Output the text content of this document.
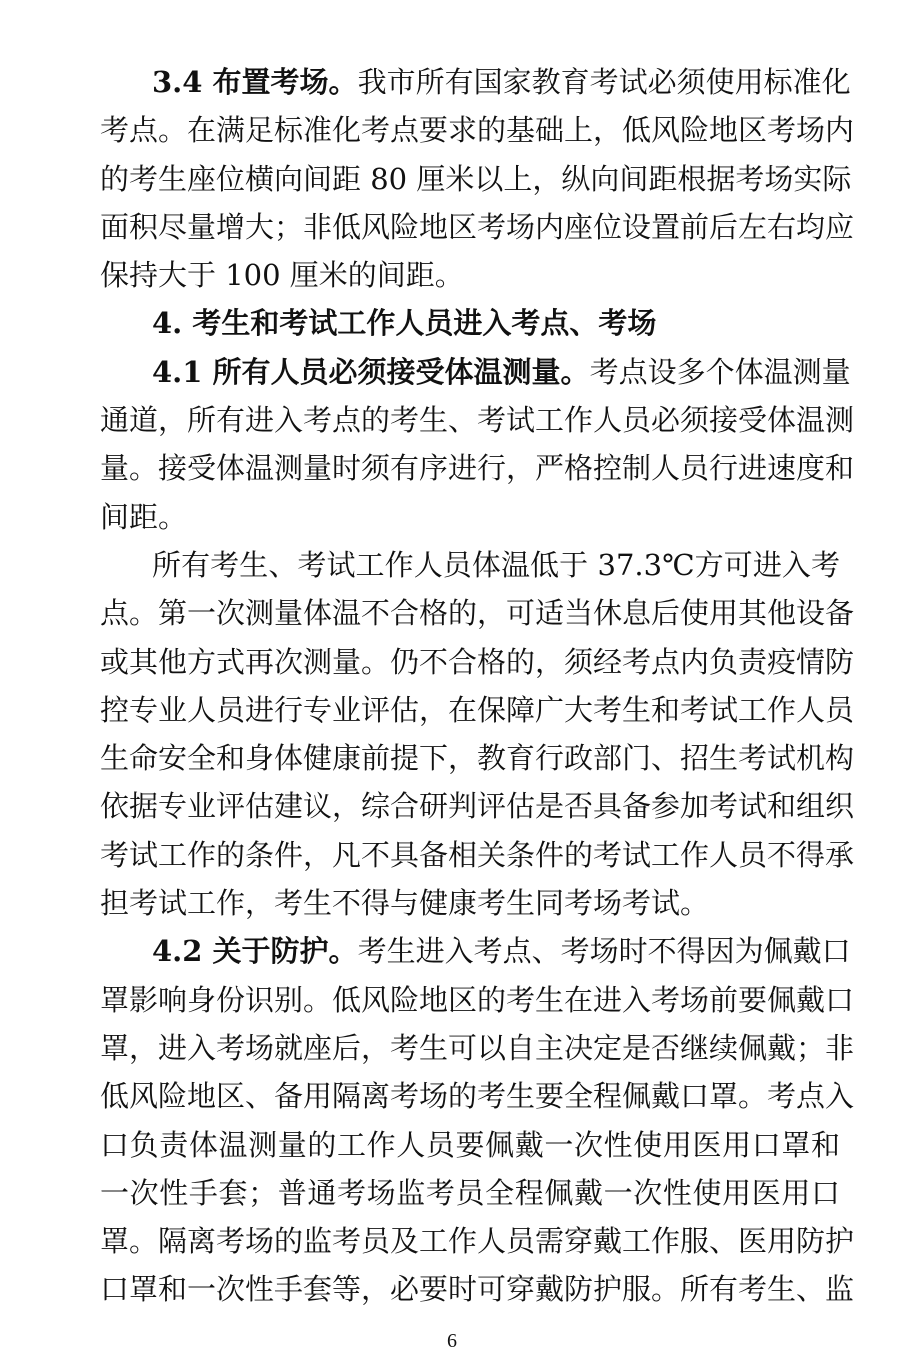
3.4 布置考场。我市所有国家教育考试必须使用标准化
考点。在满足标准化考点要求的基础上，低风险地区考场内
的考生座位横向间距 80 厘米以上，纵向间距根据考场实际
面积尽量增大；非低风险地区考场内座位设置前后左右均应
保持大于 100 厘米的间距。
4. 考生和考试工作人员进入考点、考场
4.1 所有人员必须接受体温测量。考点设多个体温测量
通道，所有进入考点的考生、考试工作人员必须接受体温测
量。接受体温测量时须有序进行，严格控制人员行进速度和
间距。
所有考生、考试工作人员体温低于 37.3℃方可进入考
点。第一次测量体温不合格的，可适当休息后使用其他设备
或其他方式再次测量。仍不合格的，须经考点内负责疫情防
控专业人员进行专业评估，在保障广大考生和考试工作人员
生命安全和身体健康前提下，教育行政部门、招生考试机构
依据专业评估建议，综合研判评估是否具备参加考试和组织
考试工作的条件，凡不具备相关条件的考试工作人员不得承
担考试工作，考生不得与健康考生同考场考试。
4.2 关于防护。考生进入考点、考场时不得因为佩戴口
罩影响身份识别。低风险地区的考生在进入考场前要佩戴口
罩，进入考场就座后，考生可以自主决定是否继续佩戴；非
低风险地区、备用隔离考场的考生要全程佩戴口罩。考点入
口负责体温测量的工作人员要佩戴一次性使用医用口罩和
一次性手套；普通考场监考员全程佩戴一次性使用医用口
罩。隔离考场的监考员及工作人员需穿戴工作服、医用防护
口罩和一次性手套等，必要时可穿戴防护服。所有考生、监
6
